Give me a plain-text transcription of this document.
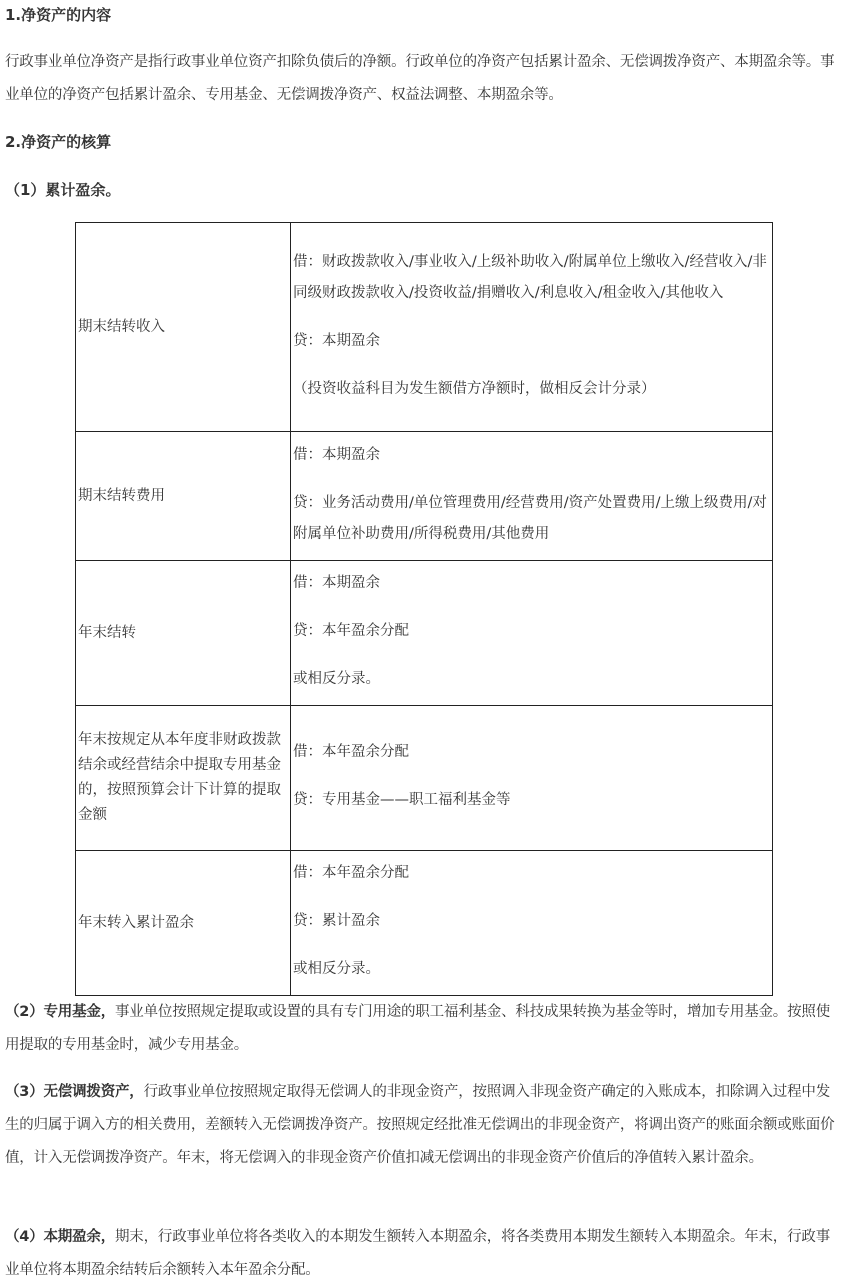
1.净资产的内容
行政事业单位净资产是指行政事业单位资产扣除负债后的净额。行政单位的净资产包括累计盈余、无偿调拨净资产、本期盈余等。事业单位的净资产包括累计盈余、专用基金、无偿调拨净资产、权益法调整、本期盈余等。
2.净资产的核算
（1）累计盈余。
期末结转收入	借：财政拨款收入/事业收入/上级补助收入/附属单位上缴收入/经营收入/非同级财政拨款收入/投资收益/捐赠收入/利息收入/租金收入/其他收入

贷：本期盈余

（投资收益科目为发生额借方净额时，做相反会计分录）

期末结转费用	借：本期盈余

贷：业务活动费用/单位管理费用/经营费用/资产处置费用/上缴上级费用/对附属单位补助费用/所得税费用/其他费用

年末结转	借：本期盈余

贷：本年盈余分配

或相反分录。

年末按规定从本年度非财政拨款结余或经营结余中提取专用基金的，按照预算会计下计算的提取金额	借：本年盈余分配

贷：专用基金——职工福利基金等

年末转入累计盈余	借：本年盈余分配

贷：累计盈余

或相反分录。

（2）专用基金，事业单位按照规定提取或设置的具有专门用途的职工福利基金、科技成果转换为基金等时，增加专用基金。按照使用提取的专用基金时，减少专用基金。
（3）无偿调拨资产，行政事业单位按照规定取得无偿调人的非现金资产，按照调入非现金资产确定的入账成本，扣除调入过程中发生的归属于调入方的相关费用，差额转入无偿调拨净资产。按照规定经批准无偿调出的非现金资产，将调出资产的账面余额或账面价值，计入无偿调拨净资产。年末，将无偿调入的非现金资产价值扣减无偿调出的非现金资产价值后的净值转入累计盈余。
（4）本期盈余，期末，行政事业单位将各类收入的本期发生额转入本期盈余，将各类费用本期发生额转入本期盈余。年末，行政事业单位将本期盈余结转后余额转入本年盈余分配。
